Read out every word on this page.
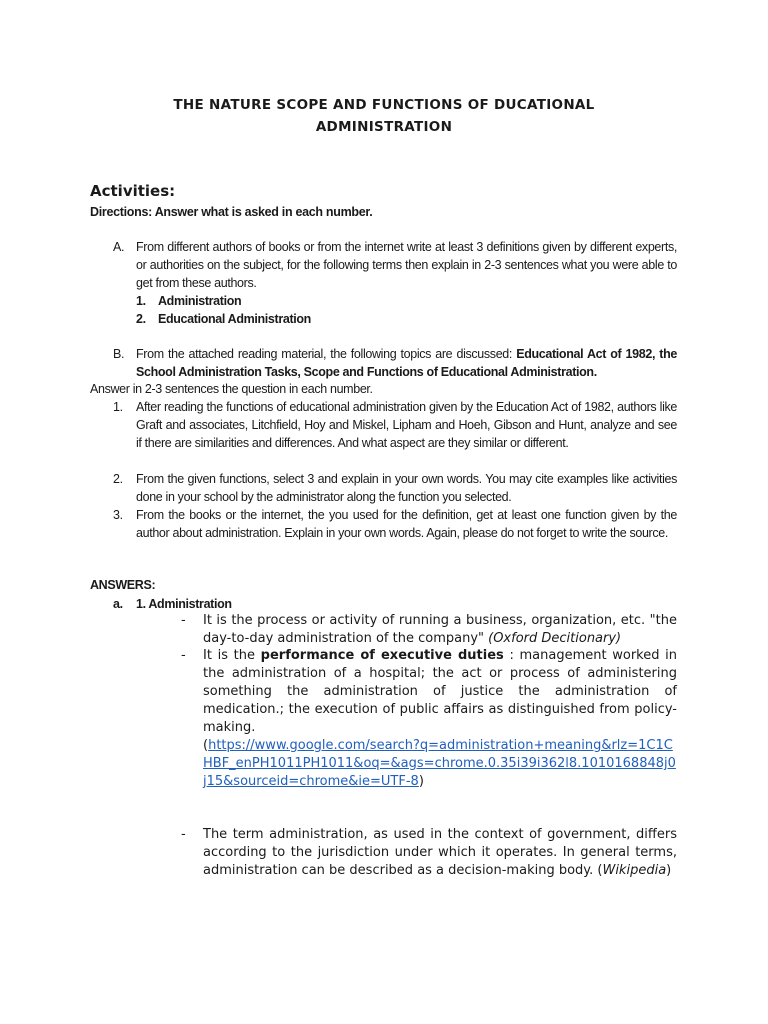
THE NATURE SCOPE AND FUNCTIONS OF DUCATIONAL
ADMINISTRATION
Activities:
Directions: Answer what is asked in each number.
A. From different authors of books or from the internet write at least 3 definitions given by different experts, or authorities on the subject, for the following terms then explain in 2-3 sentences what you were able to get from these authors.
1. Administration
2. Educational Administration
B. From the attached reading material, the following topics are discussed: Educational Act of 1982, the School Administration Tasks, Scope and Functions of Educational Administration.
Answer in 2-3 sentences the question in each number.
1. After reading the functions of educational administration given by the Education Act of 1982, authors like Graft and associates, Litchfield, Hoy and Miskel, Lipham and Hoeh, Gibson and Hunt, analyze and see if there are similarities and differences. And what aspect are they similar or different.
2. From the given functions, select 3 and explain in your own words. You may cite examples like activities done in your school by the administrator along the function you selected.
3. From the books or the internet, the you used for the definition, get at least one function given by the author about administration. Explain in your own words. Again, please do not forget to write the source.
ANSWERS:
a. 1. Administration
- It is the process or activity of running a business, organization, etc. "the day-to-day administration of the company" (Oxford Decitionary)
- It is the performance of executive duties : management worked in the administration of a hospital; the act or process of administering something the administration of justice the administration of medication.; the execution of public affairs as distinguished from policy-making.
(https://www.google.com/search?q=administration+meaning&rlz=1C1CHBF_enPH1011PH1011&oq=&ags=chrome.0.35i39i362l8.1010168848j0j15&sourceid=chrome&ie=UTF-8)
- The term administration, as used in the context of government, differs according to the jurisdiction under which it operates. In general terms, administration can be described as a decision-making body. (Wikipedia)
